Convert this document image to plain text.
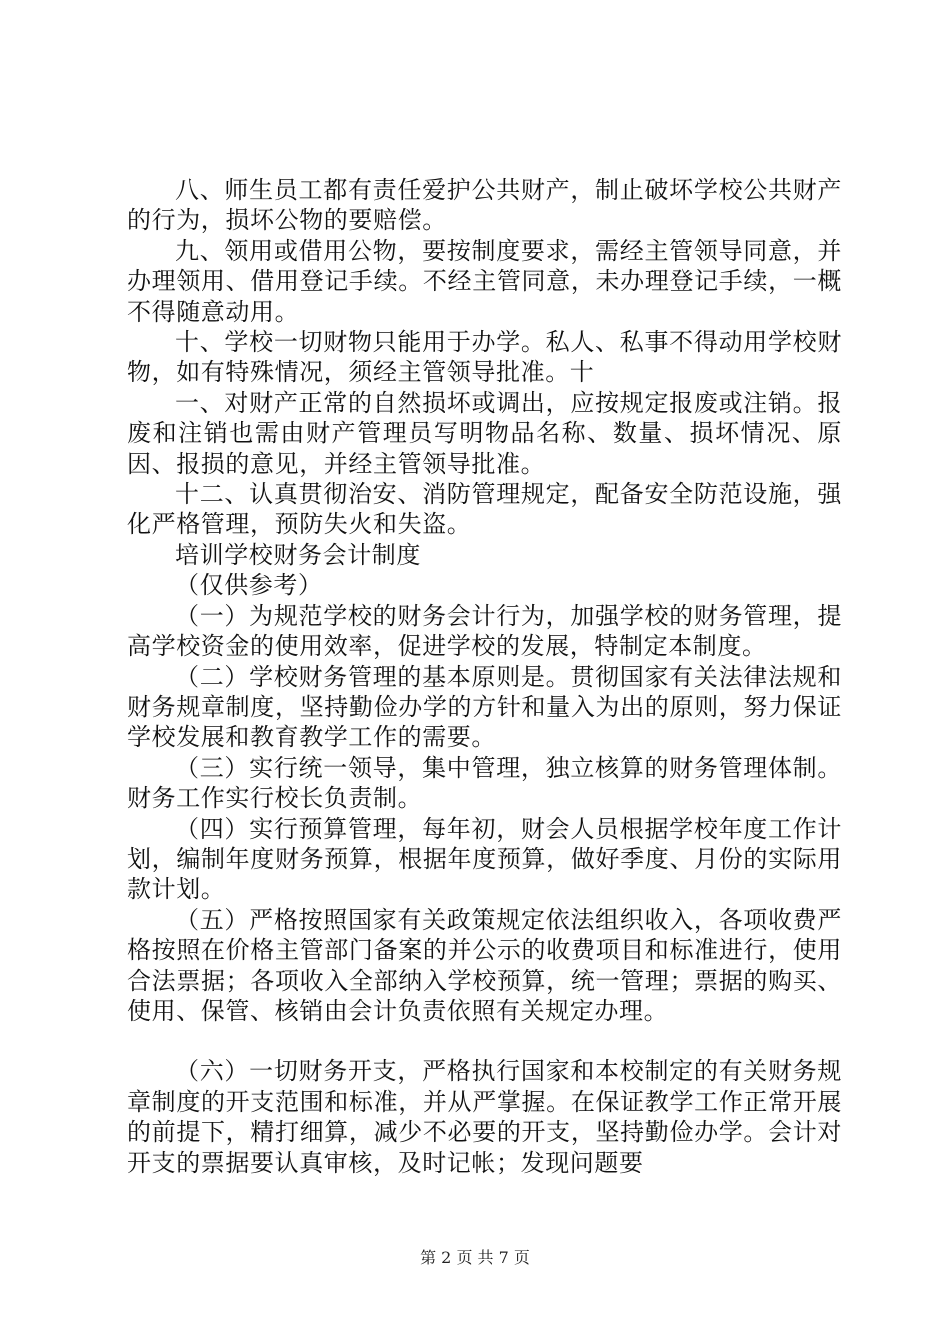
八、师生员工都有责任爱护公共财产，制止破坏学校公共财产的行为，损坏公物的要赔偿。

九、领用或借用公物，要按制度要求，需经主管领导同意，并办理领用、借用登记手续。不经主管同意，未办理登记手续，一概不得随意动用。

十、学校一切财物只能用于办学。私人、私事不得动用学校财物，如有特殊情况，须经主管领导批准。十

一、对财产正常的自然损坏或调出，应按规定报废或注销。报废和注销也需由财产管理员写明物品名称、数量、损坏情况、原因、报损的意见，并经主管领导批准。

十二、认真贯彻治安、消防管理规定，配备安全防范设施，强化严格管理，预防失火和失盗。

培训学校财务会计制度

（仅供参考）

（一）为规范学校的财务会计行为，加强学校的财务管理，提高学校资金的使用效率，促进学校的发展，特制定本制度。

（二）学校财务管理的基本原则是。贯彻国家有关法律法规和财务规章制度，坚持勤俭办学的方针和量入为出的原则，努力保证学校发展和教育教学工作的需要。

（三）实行统一领导，集中管理，独立核算的财务管理体制。财务工作实行校长负责制。

（四）实行预算管理，每年初，财会人员根据学校年度工作计划，编制年度财务预算，根据年度预算，做好季度、月份的实际用款计划。

（五）严格按照国家有关政策规定依法组织收入，各项收费严格按照在价格主管部门备案的并公示的收费项目和标准进行，使用合法票据；各项收入全部纳入学校预算，统一管理；票据的购买、使用、保管、核销由会计负责依照有关规定办理。

（六）一切财务开支，严格执行国家和本校制定的有关财务规章制度的开支范围和标准，并从严掌握。在保证教学工作正常开展的前提下，精打细算，减少不必要的开支，坚持勤俭办学。会计对开支的票据要认真审核，及时记帐；发现问题要

第 2 页 共 7 页
